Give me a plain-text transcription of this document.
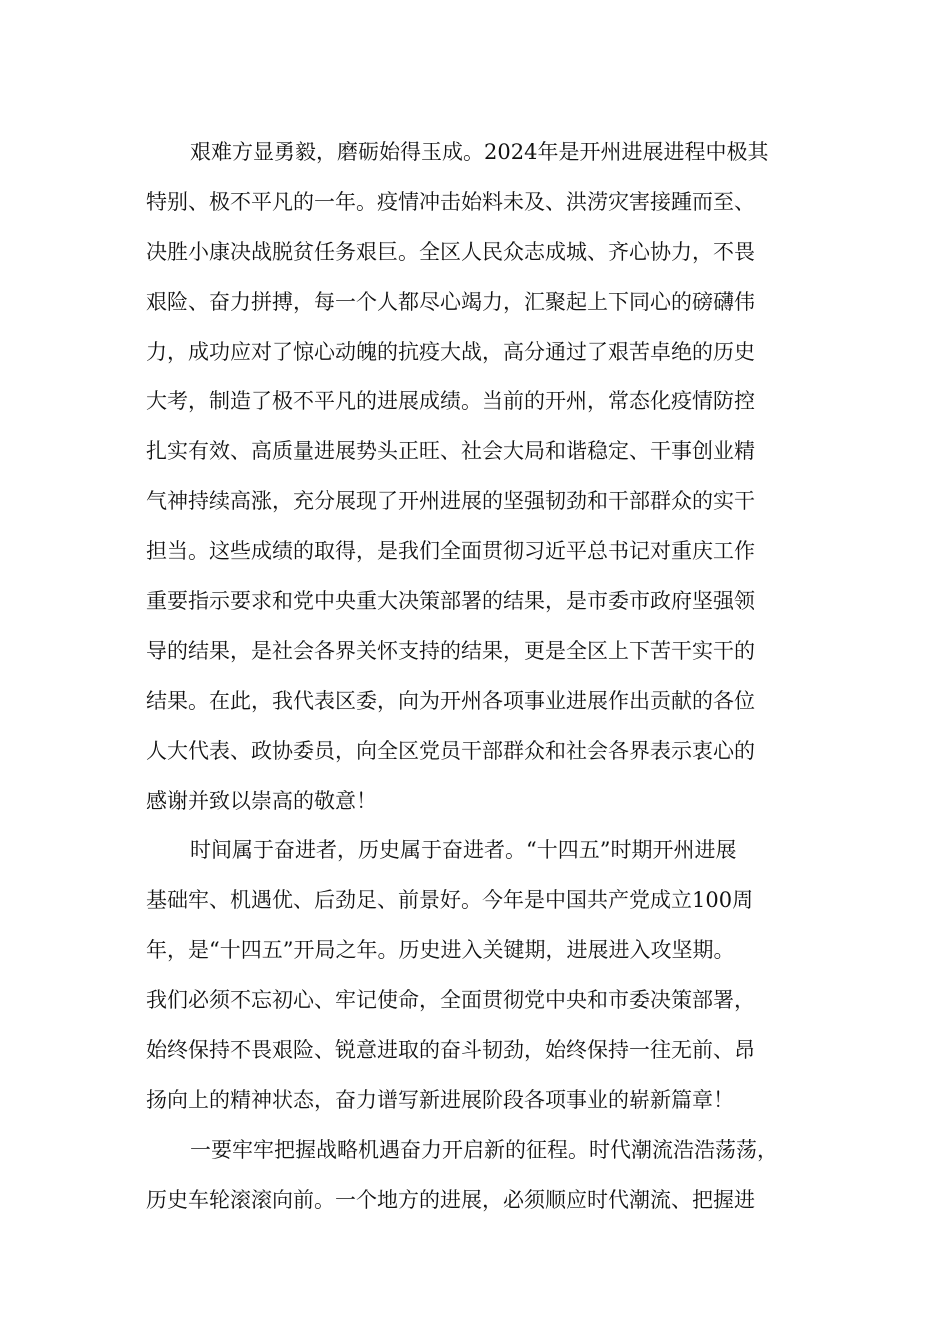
艰难方显勇毅，磨砺始得玉成。2024年是开州进展进程中极其
特别、极不平凡的一年。疫情冲击始料未及、洪涝灾害接踵而至、
决胜小康决战脱贫任务艰巨。全区人民众志成城、齐心协力，不畏
艰险、奋力拼搏，每一个人都尽心竭力，汇聚起上下同心的磅礴伟
力，成功应对了惊心动魄的抗疫大战，高分通过了艰苦卓绝的历史
大考，制造了极不平凡的进展成绩。当前的开州，常态化疫情防控
扎实有效、高质量进展势头正旺、社会大局和谐稳定、干事创业精
气神持续高涨，充分展现了开州进展的坚强韧劲和干部群众的实干
担当。这些成绩的取得，是我们全面贯彻习近平总书记对重庆工作
重要指示要求和党中央重大决策部署的结果，是市委市政府坚强领
导的结果，是社会各界关怀支持的结果，更是全区上下苦干实干的
结果。在此，我代表区委，向为开州各项事业进展作出贡献的各位
人大代表、政协委员，向全区党员干部群众和社会各界表示衷心的
感谢并致以崇高的敬意！
时间属于奋进者，历史属于奋进者。“十四五”时期开州进展
基础牢、机遇优、后劲足、前景好。今年是中国共产党成立100周
年，是“十四五”开局之年。历史进入关键期，进展进入攻坚期。
我们必须不忘初心、牢记使命，全面贯彻党中央和市委决策部署，
始终保持不畏艰险、锐意进取的奋斗韧劲，始终保持一往无前、昂
扬向上的精神状态，奋力谱写新进展阶段各项事业的崭新篇章！
一要牢牢把握战略机遇奋力开启新的征程。时代潮流浩浩荡荡，
历史车轮滚滚向前。一个地方的进展，必须顺应时代潮流、把握进
